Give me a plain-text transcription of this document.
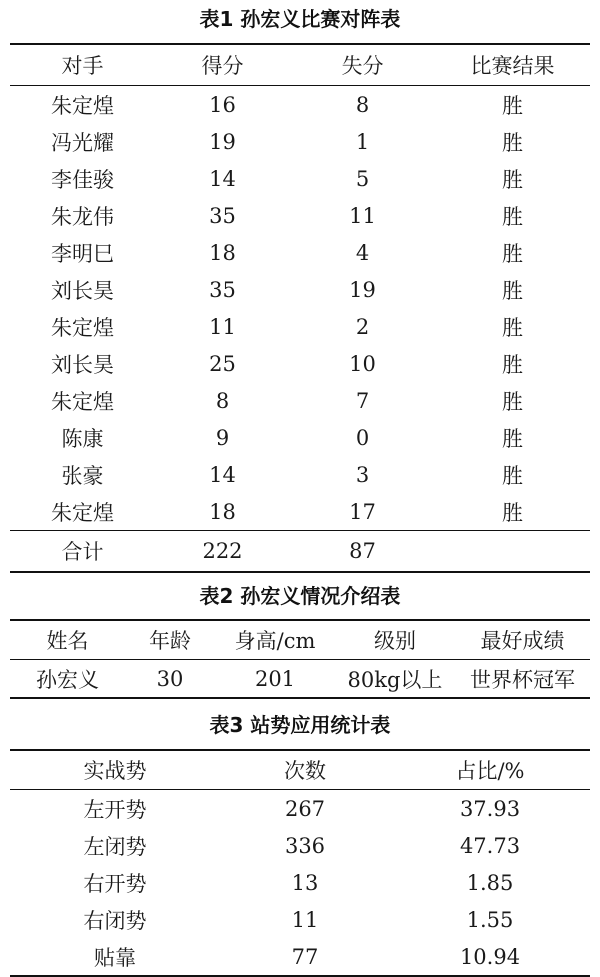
表1 孙宏义比赛对阵表
对手	得分	失分	比赛结果
朱定煌	16	8	胜
冯光耀	19	1	胜
李佳骏	14	5	胜
朱龙伟	35	11	胜
李明巳	18	4	胜
刘长昊	35	19	胜
朱定煌	11	2	胜
刘长昊	25	10	胜
朱定煌	8	7	胜
陈康	9	0	胜
张豪	14	3	胜
朱定煌	18	17	胜
合计	222	87	
表2 孙宏义情况介绍表
姓名	年龄	身高/cm	级别	最好成绩
孙宏义	30	201	80kg以上	世界杯冠军
表3 站势应用统计表
实战势	次数	占比/%
左开势	267	37.93
左闭势	336	47.73
右开势	13	1.85
右闭势	11	1.55
贴靠	77	10.94
